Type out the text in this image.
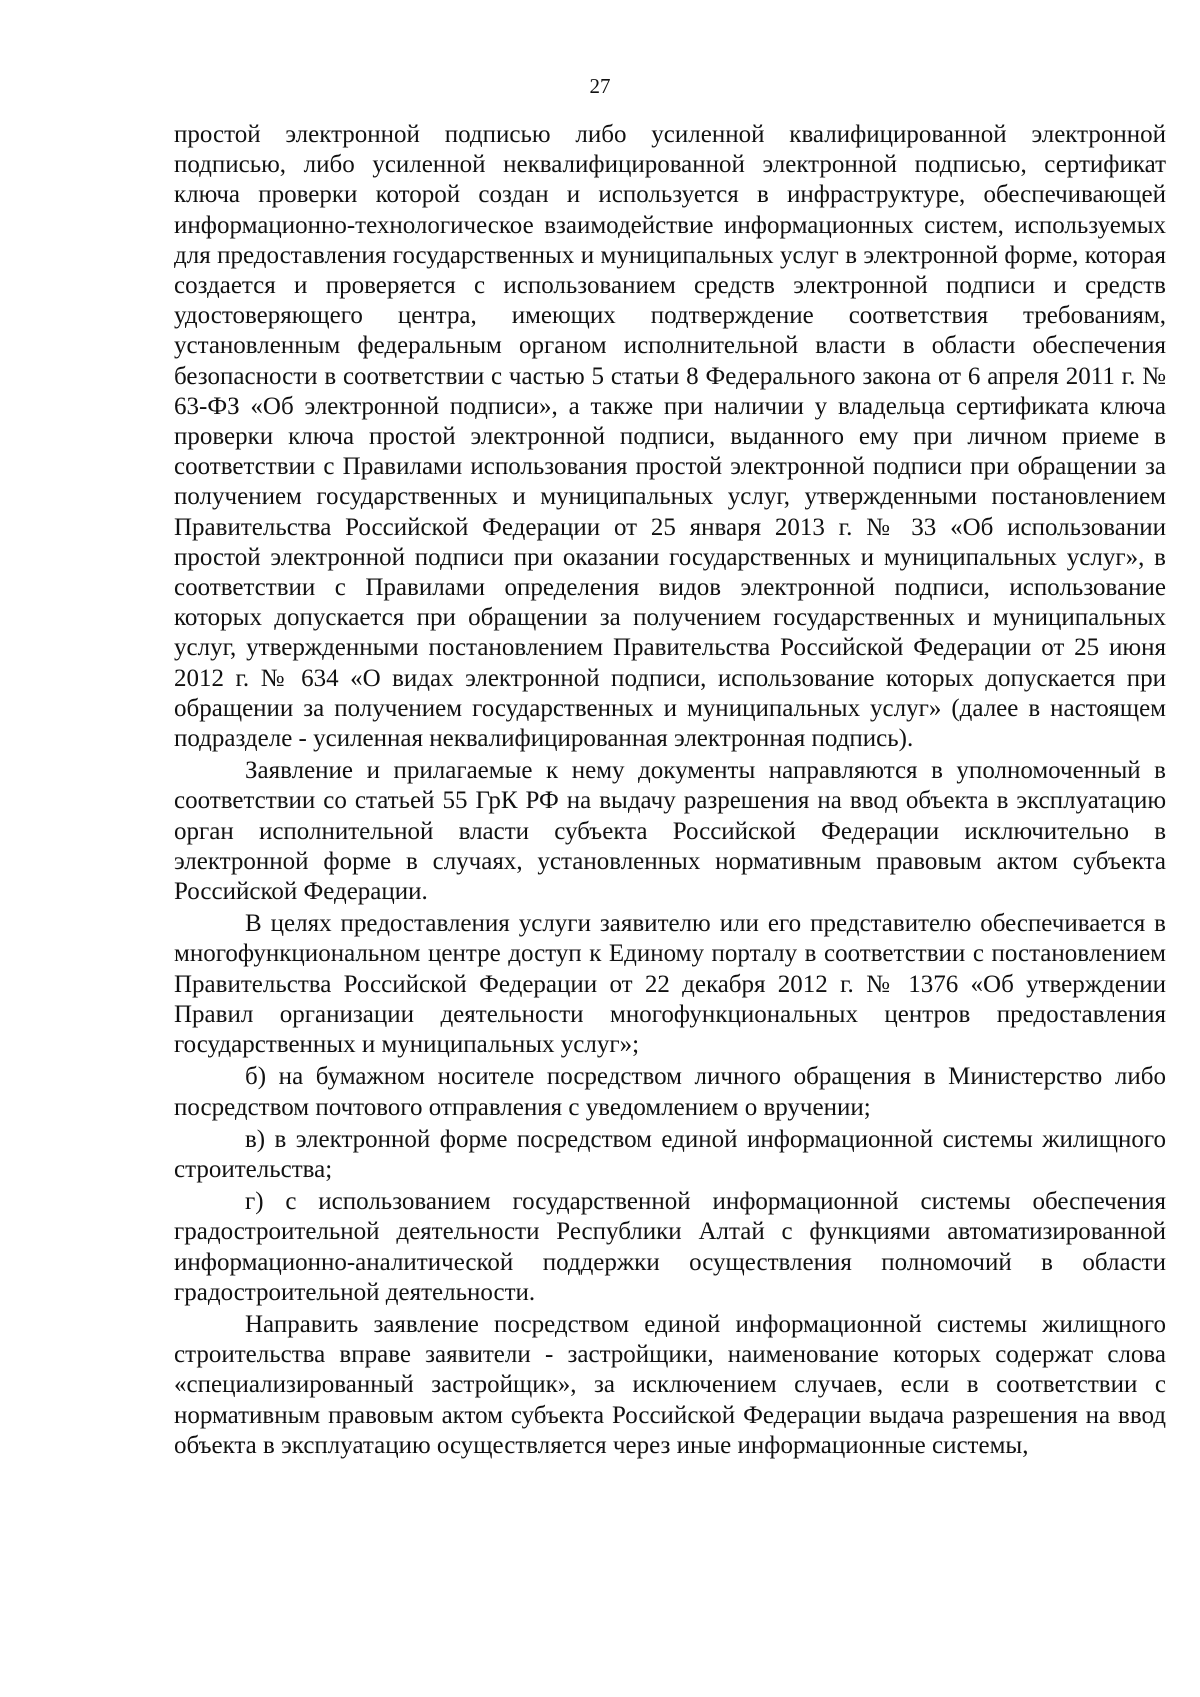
27

простой электронной подписью либо усиленной квалифицированной электронной подписью, либо усиленной неквалифицированной электронной подписью, сертификат ключа проверки которой создан и используется в инфраструктуре, обеспечивающей информационно-технологическое взаимодействие информационных систем, используемых для предоставления государственных и муниципальных услуг в электронной форме, которая создается и проверяется с использованием средств электронной подписи и средств удостоверяющего центра, имеющих подтверждение соответствия требованиям, установленным федеральным органом исполнительной власти в области обеспечения безопасности в соответствии с частью 5 статьи 8 Федерального закона от 6 апреля 2011 г. № 63-ФЗ «Об электронной подписи», а также при наличии у владельца сертификата ключа проверки ключа простой электронной подписи, выданного ему при личном приеме в соответствии с Правилами использования простой электронной подписи при обращении за получением государственных и муниципальных услуг, утвержденными постановлением Правительства Российской Федерации от 25 января 2013 г. № 33 «Об использовании простой электронной подписи при оказании государственных и муниципальных услуг», в соответствии с Правилами определения видов электронной подписи, использование которых допускается при обращении за получением государственных и муниципальных услуг, утвержденными постановлением Правительства Российской Федерации от 25 июня 2012 г. № 634 «О видах электронной подписи, использование которых допускается при обращении за получением государственных и муниципальных услуг» (далее в настоящем подразделе - усиленная неквалифицированная электронная подпись).

Заявление и прилагаемые к нему документы направляются в уполномоченный в соответствии со статьей 55 ГрК РФ на выдачу разрешения на ввод объекта в эксплуатацию орган исполнительной власти субъекта Российской Федерации исключительно в электронной форме в случаях, установленных нормативным правовым актом субъекта Российской Федерации.

В целях предоставления услуги заявителю или его представителю обеспечивается в многофункциональном центре доступ к Единому порталу в соответствии с постановлением Правительства Российской Федерации от 22 декабря 2012 г. № 1376 «Об утверждении Правил организации деятельности многофункциональных центров предоставления государственных и муниципальных услуг»;

б) на бумажном носителе посредством личного обращения в Министерство либо посредством почтового отправления с уведомлением о вручении;

в) в электронной форме посредством единой информационной системы жилищного строительства;

г) с использованием государственной информационной системы обеспечения градостроительной деятельности Республики Алтай с функциями автоматизированной информационно-аналитической поддержки осуществления полномочий в области градостроительной деятельности.

Направить заявление посредством единой информационной системы жилищного строительства вправе заявители - застройщики, наименование которых содержат слова «специализированный застройщик», за исключением случаев, если в соответствии с нормативным правовым актом субъекта Российской Федерации выдача разрешения на ввод объекта в эксплуатацию осуществляется через иные информационные системы,
